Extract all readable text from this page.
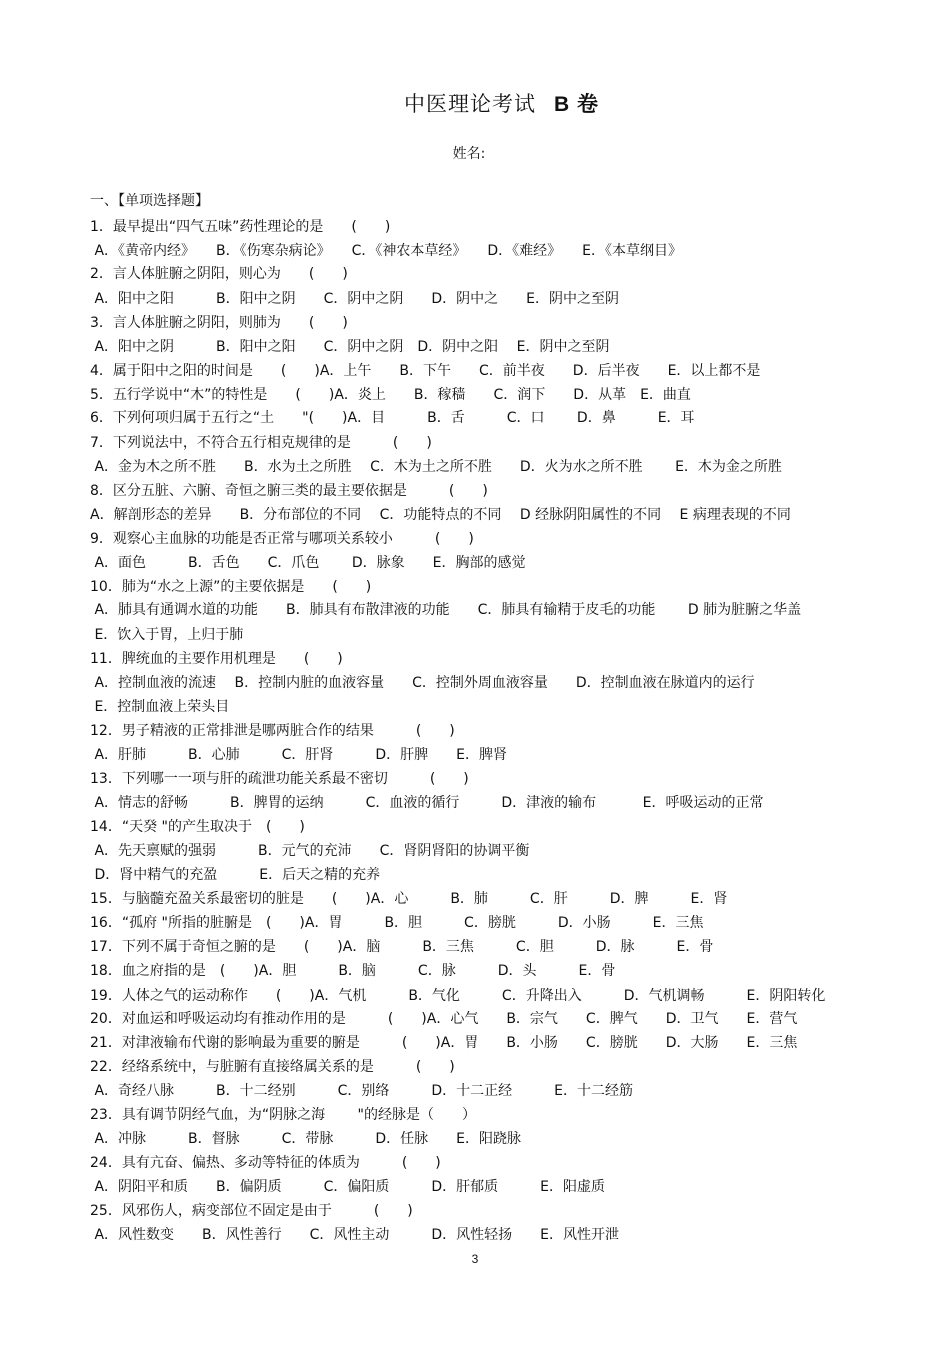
中医理论考试 B 卷
姓名:
一、【单项选择题】
1．最早提出“四气五味”药性理论的是　　(　　)
A．《黄帝内经》　　B．《伤寒杂病论》　　C．《神农本草经》　　D．《难经》　　E．《本草纲目》
2．言人体脏腑之阴阳，则心为　　(　　)
A．阳中之阳　　　B．阳中之阴　　C．阴中之阴　　D．阴中之　　E．阴中之至阴
3．言人体脏腑之阴阳，则肺为　　(　　)
A．阳中之阴　　　B．阳中之阳　　C．阴中之阴　D．阴中之阳　 E．阴中之至阴
4．属于阳中之阳的时间是　　(　　)A．上午　　B．下午　　C．前半夜　　D．后半夜　　E．以上都不是
5．五行学说中“木”的特性是　　(　　)A．炎上　　B．稼穑　　C．润下　　D．从革　E．曲直
6．下列何项归属于五行之“土　　"(　　)A．目　　　B．舌　　　C．口　　 D．鼻　　　E．耳
7．下列说法中，不符合五行相克规律的是　　　(　　)
A．金为木之所不胜　　B．水为土之所胜　 C．木为土之所不胜　　D．火为水之所不胜　　 E．木为金之所胜
8．区分五脏、六腑、奇恒之腑三类的最主要依据是　　　(　　)
A．解剖形态的差异　　B．分布部位的不同　 C．功能特点的不同　 D 经脉阴阳属性的不同　 E 病理表现的不同
9．观察心主血脉的功能是否正常与哪项关系较小　　　(　　)
A．面色　　　B．舌色　　C．爪色　　 D．脉象　　E．胸部的感觉
10．肺为“水之上源”的主要依据是　　(　　)
A．肺具有通调水道的功能　　B．肺具有布散津液的功能　　C．肺具有输精于皮毛的功能　　 D 肺为脏腑之华盖
E．饮入于胃，上归于肺
11．脾统血的主要作用机理是　　(　　)
A．控制血液的流速　 B．控制内脏的血液容量　　C．控制外周血液容量　　D．控制血液在脉道内的运行
E．控制血液上荣头目
12．男子精液的正常排泄是哪两脏合作的结果　　　(　　)
A．肝肺　　　B．心肺　　　C．肝肾　　　D．肝脾　　E．脾肾
13．下列哪一一项与肝的疏泄功能关系最不密切　　　(　　)
A．情志的舒畅　　　B．脾胃的运纳　　　C．血液的循行　　　D．津液的输布　　　 E．呼吸运动的正常
14．“天癸 "的产生取决于　(　　)
A．先天禀赋的强弱　　　B．元气的充沛　　C．肾阴肾阳的协调平衡
D．肾中精气的充盈　　　E．后天之精的充养
15．与脑髓充盈关系最密切的脏是　　(　　)A．心　　　B．肺　　　C．肝　　　D．脾　　　E．肾
16．“孤府 "所指的脏腑是　(　　)A．胃　　　B．胆　　　C．膀胱　　　D．小肠　　　E．三焦
17．下列不属于奇恒之腑的是　　(　　)A．脑　　　B．三焦　　　C．胆　　　D．脉　　　E．骨
18．血之府指的是　(　　)A．胆　　　B．脑　　　C．脉　　　D．头　　　E．骨
19．人体之气的运动称作　　(　　)A．气机　　　B．气化　　　C．升降出入　　　D．气机调畅　　　E．阴阳转化
20．对血运和呼吸运动均有推动作用的是　　　(　　)A．心气　　B．宗气　　C．脾气　　D．卫气　　E．营气
21．对津液输布代谢的影响最为重要的腑是　　　(　　)A．胃　　B．小肠　　C．膀胱　　D．大肠　　E．三焦
22．经络系统中，与脏腑有直接络属关系的是　　　(　　)
A．奇经八脉　　　B．十二经别　　　C．别络　　　D．十二正经　　　E．十二经筋
23．具有调节阴经气血，为“阴脉之海　　 "的经脉是（　　）
A．冲脉　　　B．督脉　　　C．带脉　　　D．任脉　　E．阳跷脉
24．具有亢奋、偏热、多动等特征的体质为　　　(　　)
A．阴阳平和质　　B．偏阴质　　　C．偏阳质　　　D．肝郁质　　　E．阳虚质
25．风邪伤人，病变部位不固定是由于　　　(　　)
A．风性数变　　B．风性善行　　C．风性主动　　　D．风性轻扬　　E．风性开泄
3
